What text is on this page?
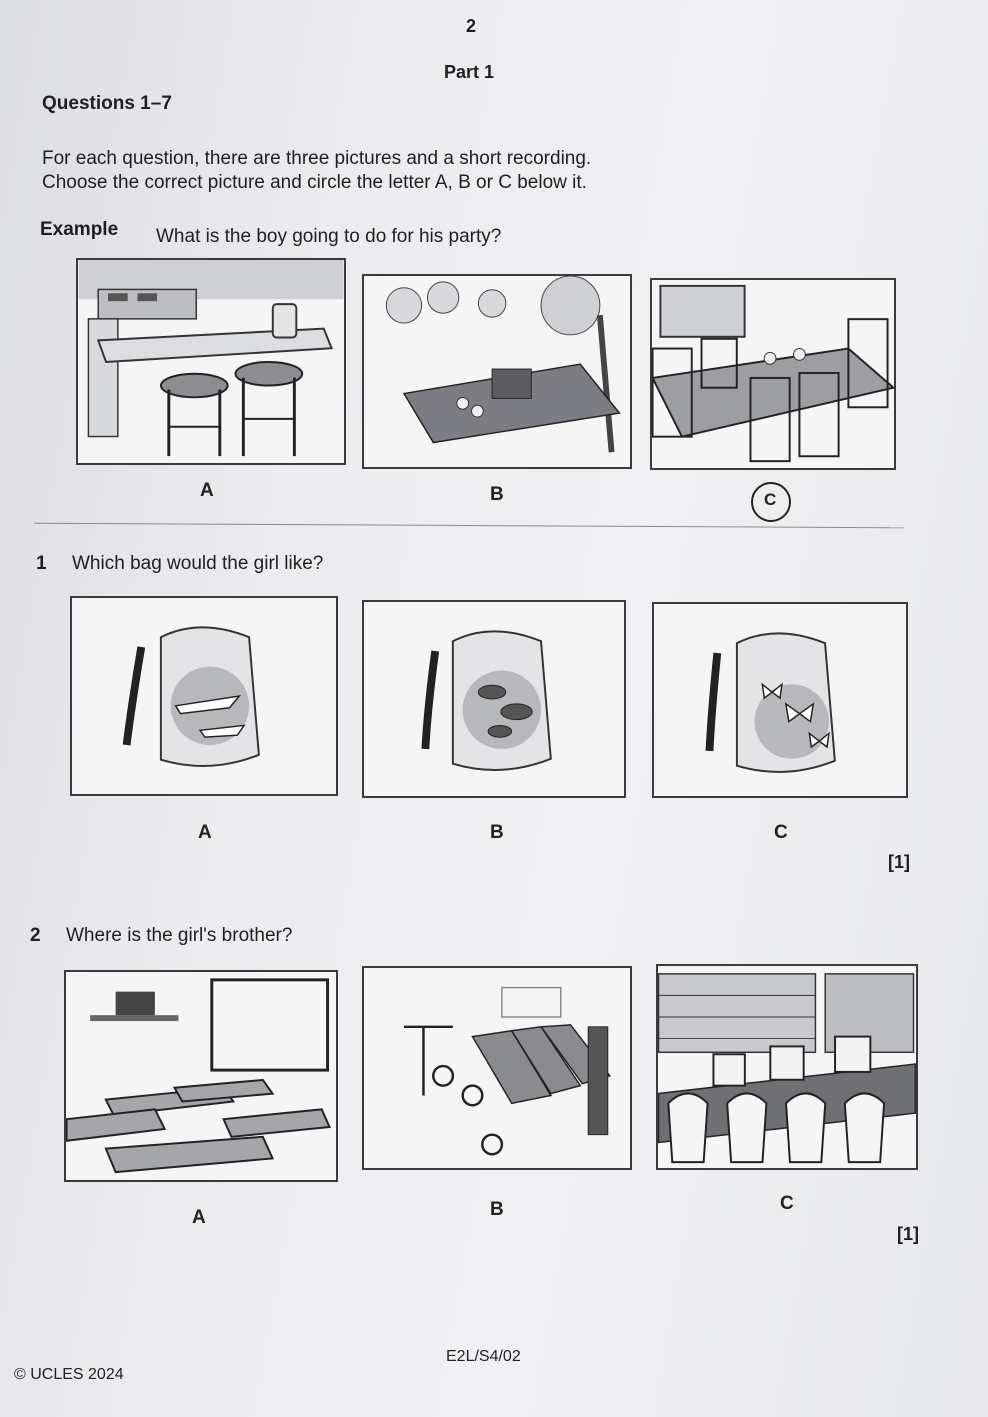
2
Part 1
Questions 1–7
For each question, there are three pictures and a short recording.
Choose the correct picture and circle the letter A, B or C below it.
Example What is the boy going to do for his party?
A	B	C
1 Which bag would the girl like?
A	B	C
[1]
2 Where is the girl's brother?
A	B	C
[1]
E2L/S4/02
© UCLES 2024
